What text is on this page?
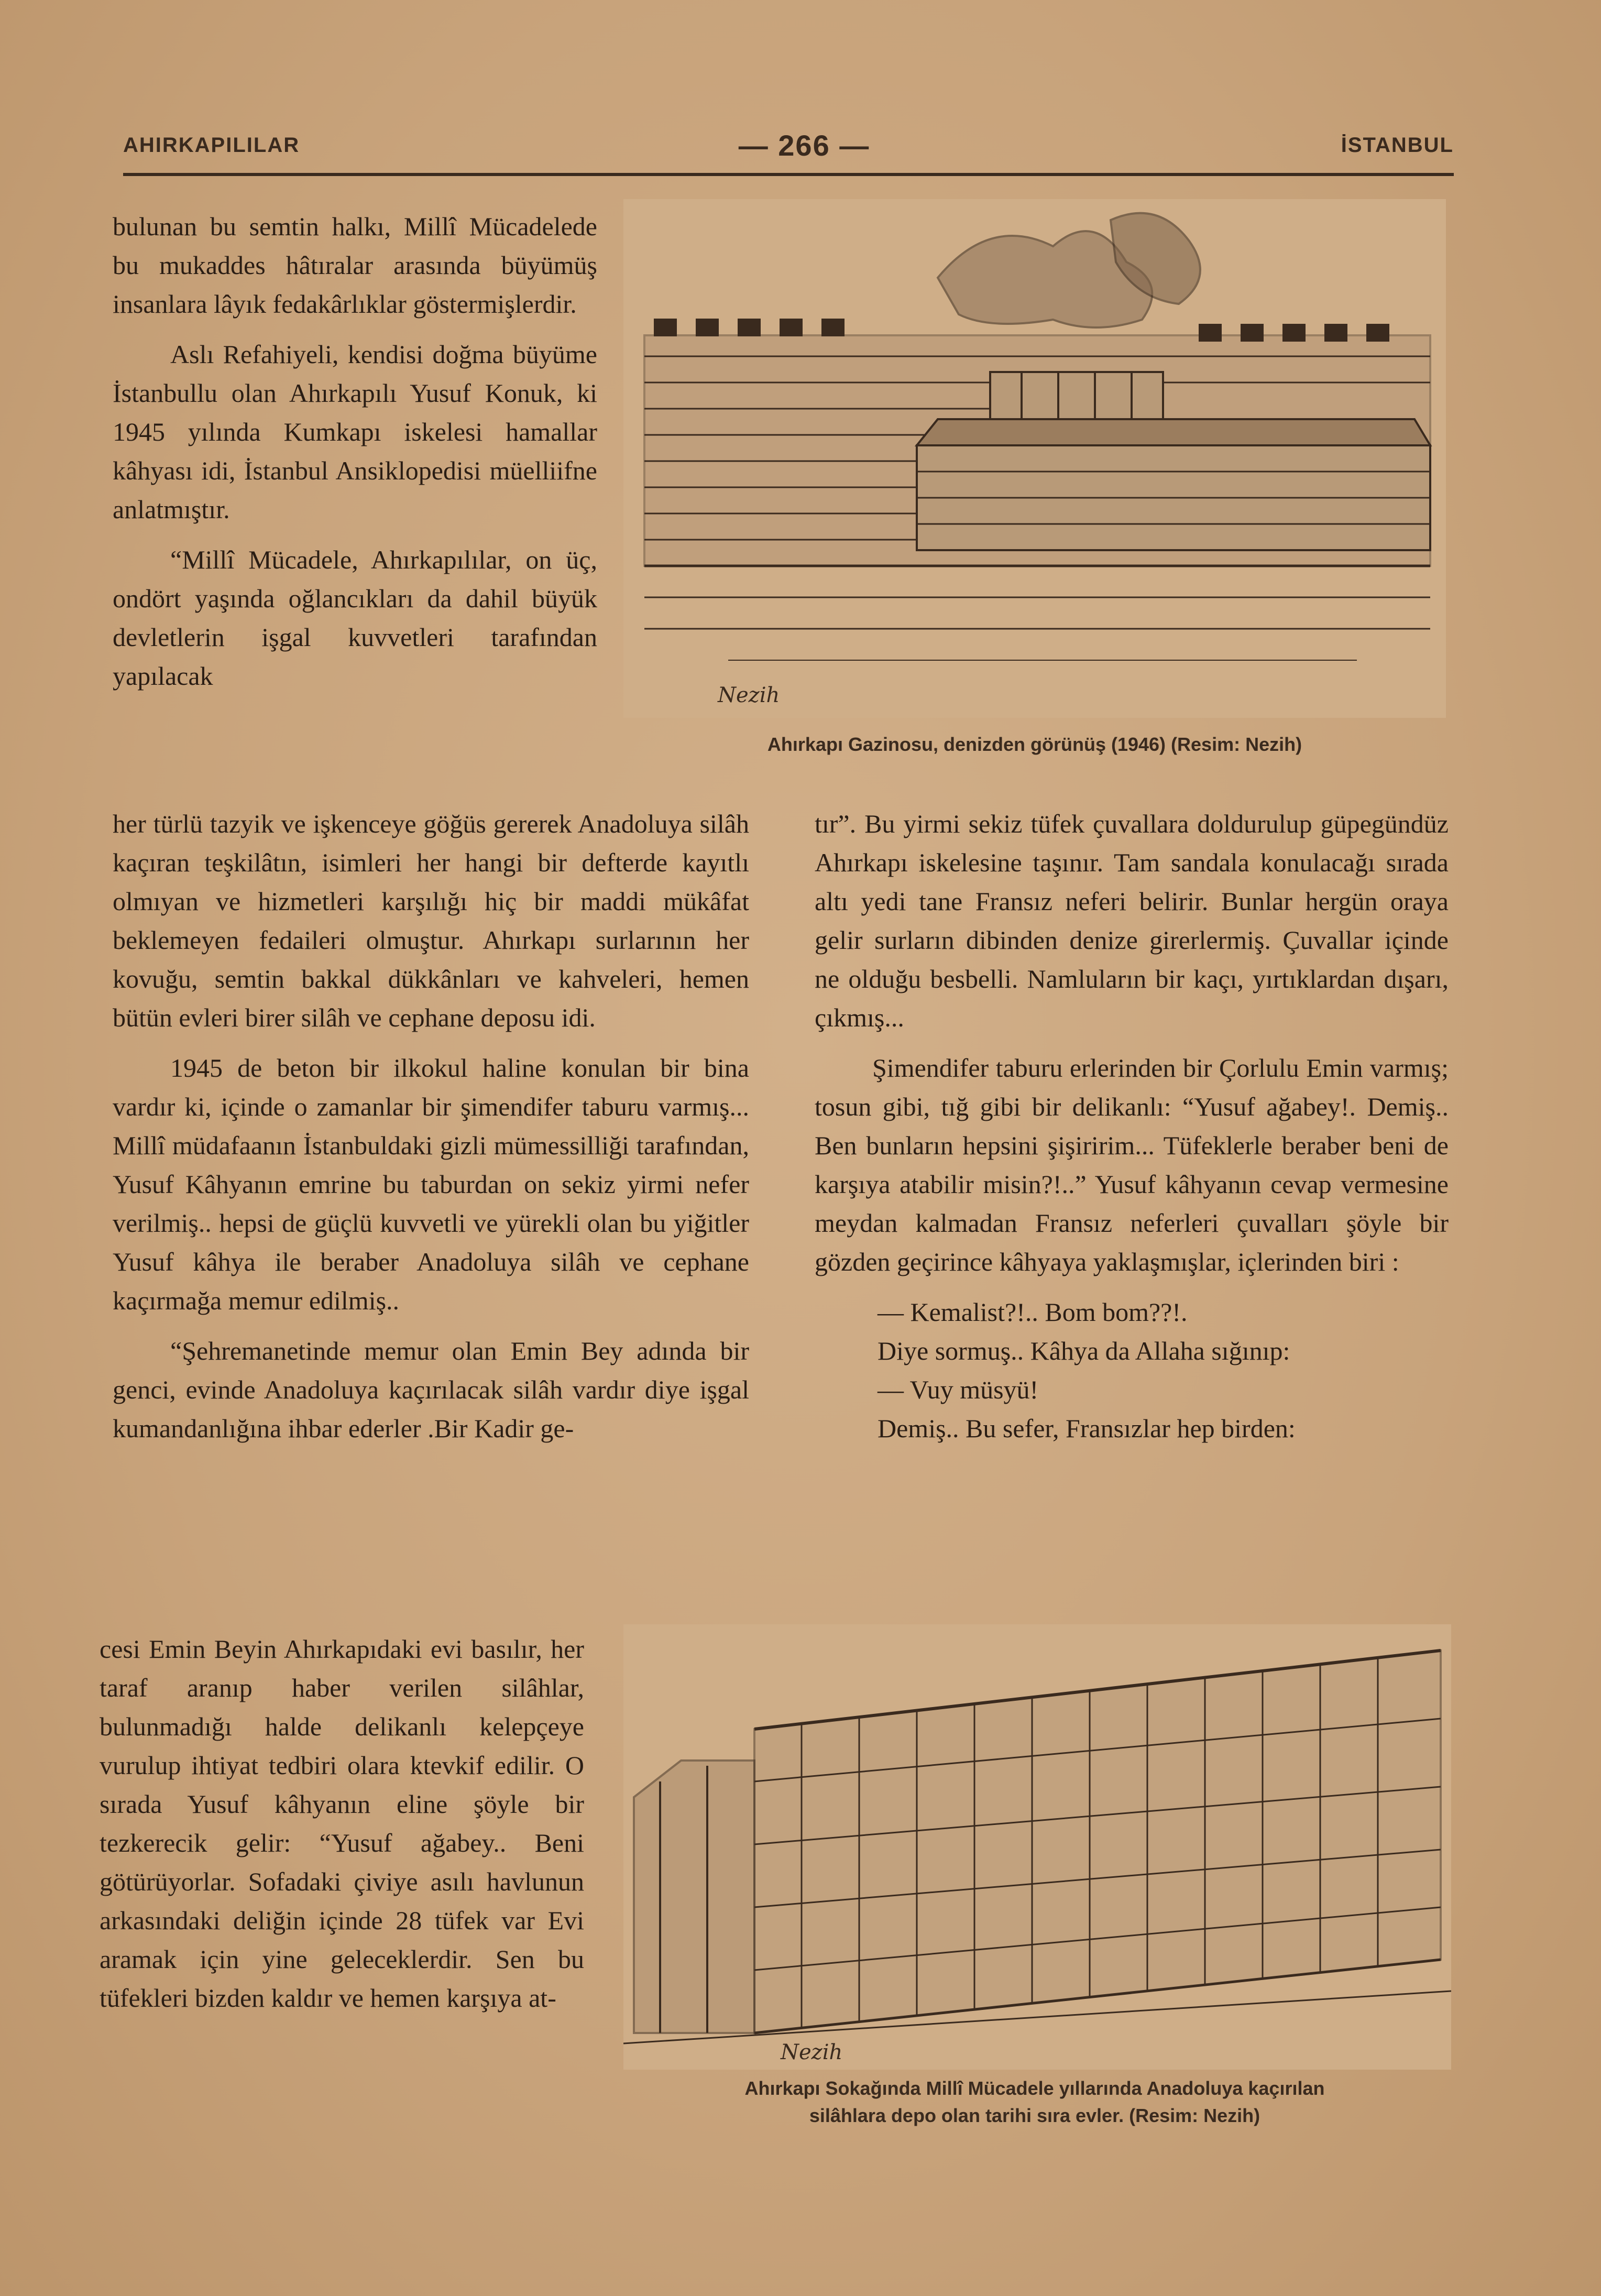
AHIRKAPILILAR	— 266 —	İSTANBUL

bulunan bu semtin halkı, Millî Mücadelede bu mukaddes hâtıralar arasında büyümüş insanlara lâyık fedakârlıklar göstermişlerdir.

Aslı Refahiyeli, kendisi doğma büyüme İstanbullu olan Ahırkapılı Yusuf Konuk, ki 1945 yılında Kumkapı iskelesi hamallar kâhyası idi, İstanbul Ansiklopedisi müelliifne anlatmıştır.

“Millî Mücadele, Ahırkapılılar, on üç, ondört yaşında oğlancıkları da dahil büyük devletlerin işgal kuvvetleri tarafından yapılacak

Nezih
Ahırkapı Gazinosu, denizden görünüş (1946) (Resim: Nezih)

her türlü tazyik ve işkenceye göğüs gererek Anadoluya silâh kaçıran teşkilâtın, isimleri her hangi bir defterde kayıtlı olmıyan ve hizmetleri karşılığı hiç bir maddi mükâfat beklemeyen fedaileri olmuştur. Ahırkapı surlarının her kovuğu, semtin bakkal dükkânları ve kahveleri, hemen bütün evleri birer silâh ve cephane deposu idi.

1945 de beton bir ilkokul haline konulan bir bina vardır ki, içinde o zamanlar bir şimendifer taburu varmış... Millî müdafaanın İstanbuldaki gizli mümessilliği tarafından, Yusuf Kâhyanın emrine bu taburdan on sekiz yirmi nefer verilmiş.. hepsi de güçlü kuvvetli ve yürekli olan bu yiğitler Yusuf kâhya ile beraber Anadoluya silâh ve cephane kaçırmağa memur edilmiş..

“Şehremanetinde memur olan Emin Bey adında bir genci, evinde Anadoluya kaçırılacak silâh vardır diye işgal kumandanlığına ihbar ederler .Bir Kadir ge-

cesi Emin Beyin Ahırkapıdaki evi basılır, her taraf aranıp haber verilen silâhlar, bulunmadığı halde delikanlı kelepçeye vurulup ihtiyat tedbiri olara ktevkif edilir. O sırada Yusuf kâhyanın eline şöyle bir tezkerecik gelir: “Yusuf ağabey.. Beni götürüyorlar. Sofadaki çiviye asılı havlunun arkasındaki deliğin içinde 28 tüfek var Evi aramak için yine geleceklerdir. Sen bu tüfekleri bizden kaldır ve hemen karşıya at-

tır”. Bu yirmi sekiz tüfek çuvallara doldurulup güpegündüz Ahırkapı iskelesine taşınır. Tam sandala konulacağı sırada altı yedi tane Fransız neferi belirir. Bunlar hergün oraya gelir surların dibinden denize girerlermiş. Çuvallar içinde ne olduğu besbelli. Namluların bir kaçı, yırtıklardan dışarı, çıkmış...

Şimendifer taburu erlerinden bir Çorlulu Emin varmış; tosun gibi, tığ gibi bir delikanlı: “Yusuf ağabey!. Demiş.. Ben bunların hepsini şişiririm... Tüfeklerle beraber beni de karşıya atabilir misin?!..” Yusuf kâhyanın cevap vermesine meydan kalmadan Fransız neferleri çuvalları şöyle bir gözden geçirince kâhyaya yaklaşmışlar, içlerinden biri :

— Kemalist?!.. Bom bom??!.

Diye sormuş.. Kâhya da Allaha sığınıp:

— Vuy müsyü!

Demiş.. Bu sefer, Fransızlar hep birden:

Nezih
Ahırkapı Sokağında Millî Mücadele yıllarında Anadoluya kaçırılan
silâhlara depo olan tarihi sıra evler. (Resim: Nezih)
